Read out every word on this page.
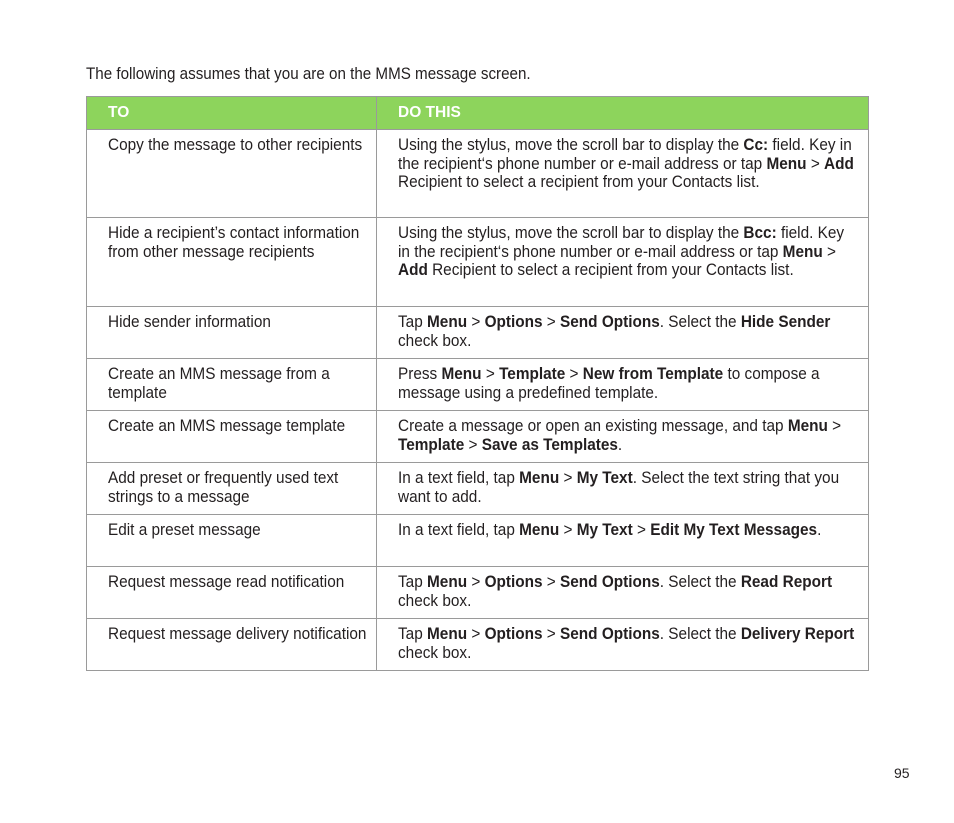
The following assumes that you are on the MMS message screen.
TO	DO THIS

Copy the message to other recipients	Using the stylus, move the scroll bar to display the Cc: field. Key in the recipient‘s phone number or e-mail address or tap Menu > Add Recipient to select a recipient from your Contacts list.

Hide a recipient’s contact information from other message recipients	Using the stylus, move the scroll bar to display the Bcc: field. Key in the recipient‘s phone number or e-mail address or tap Menu > Add Recipient to select a recipient from your Contacts list.

Hide sender information	Tap Menu > Options > Send Options. Select the Hide Sender check box.

Create an MMS message from a template	Press Menu > Template > New from Template to compose a message using a predefined template.

Create an MMS message template	Create a message or open an existing message, and tap Menu > Template > Save as Templates.

Add preset or frequently used text strings to a message	In a text field, tap Menu > My Text. Select the text string that you want to add.

Edit a preset message	In a text field, tap Menu > My Text > Edit My Text Messages.

Request message read notification	Tap Menu > Options > Send Options. Select the Read Report check box.

Request message delivery notification	Tap Menu > Options > Send Options. Select the Delivery Report check box.
95
